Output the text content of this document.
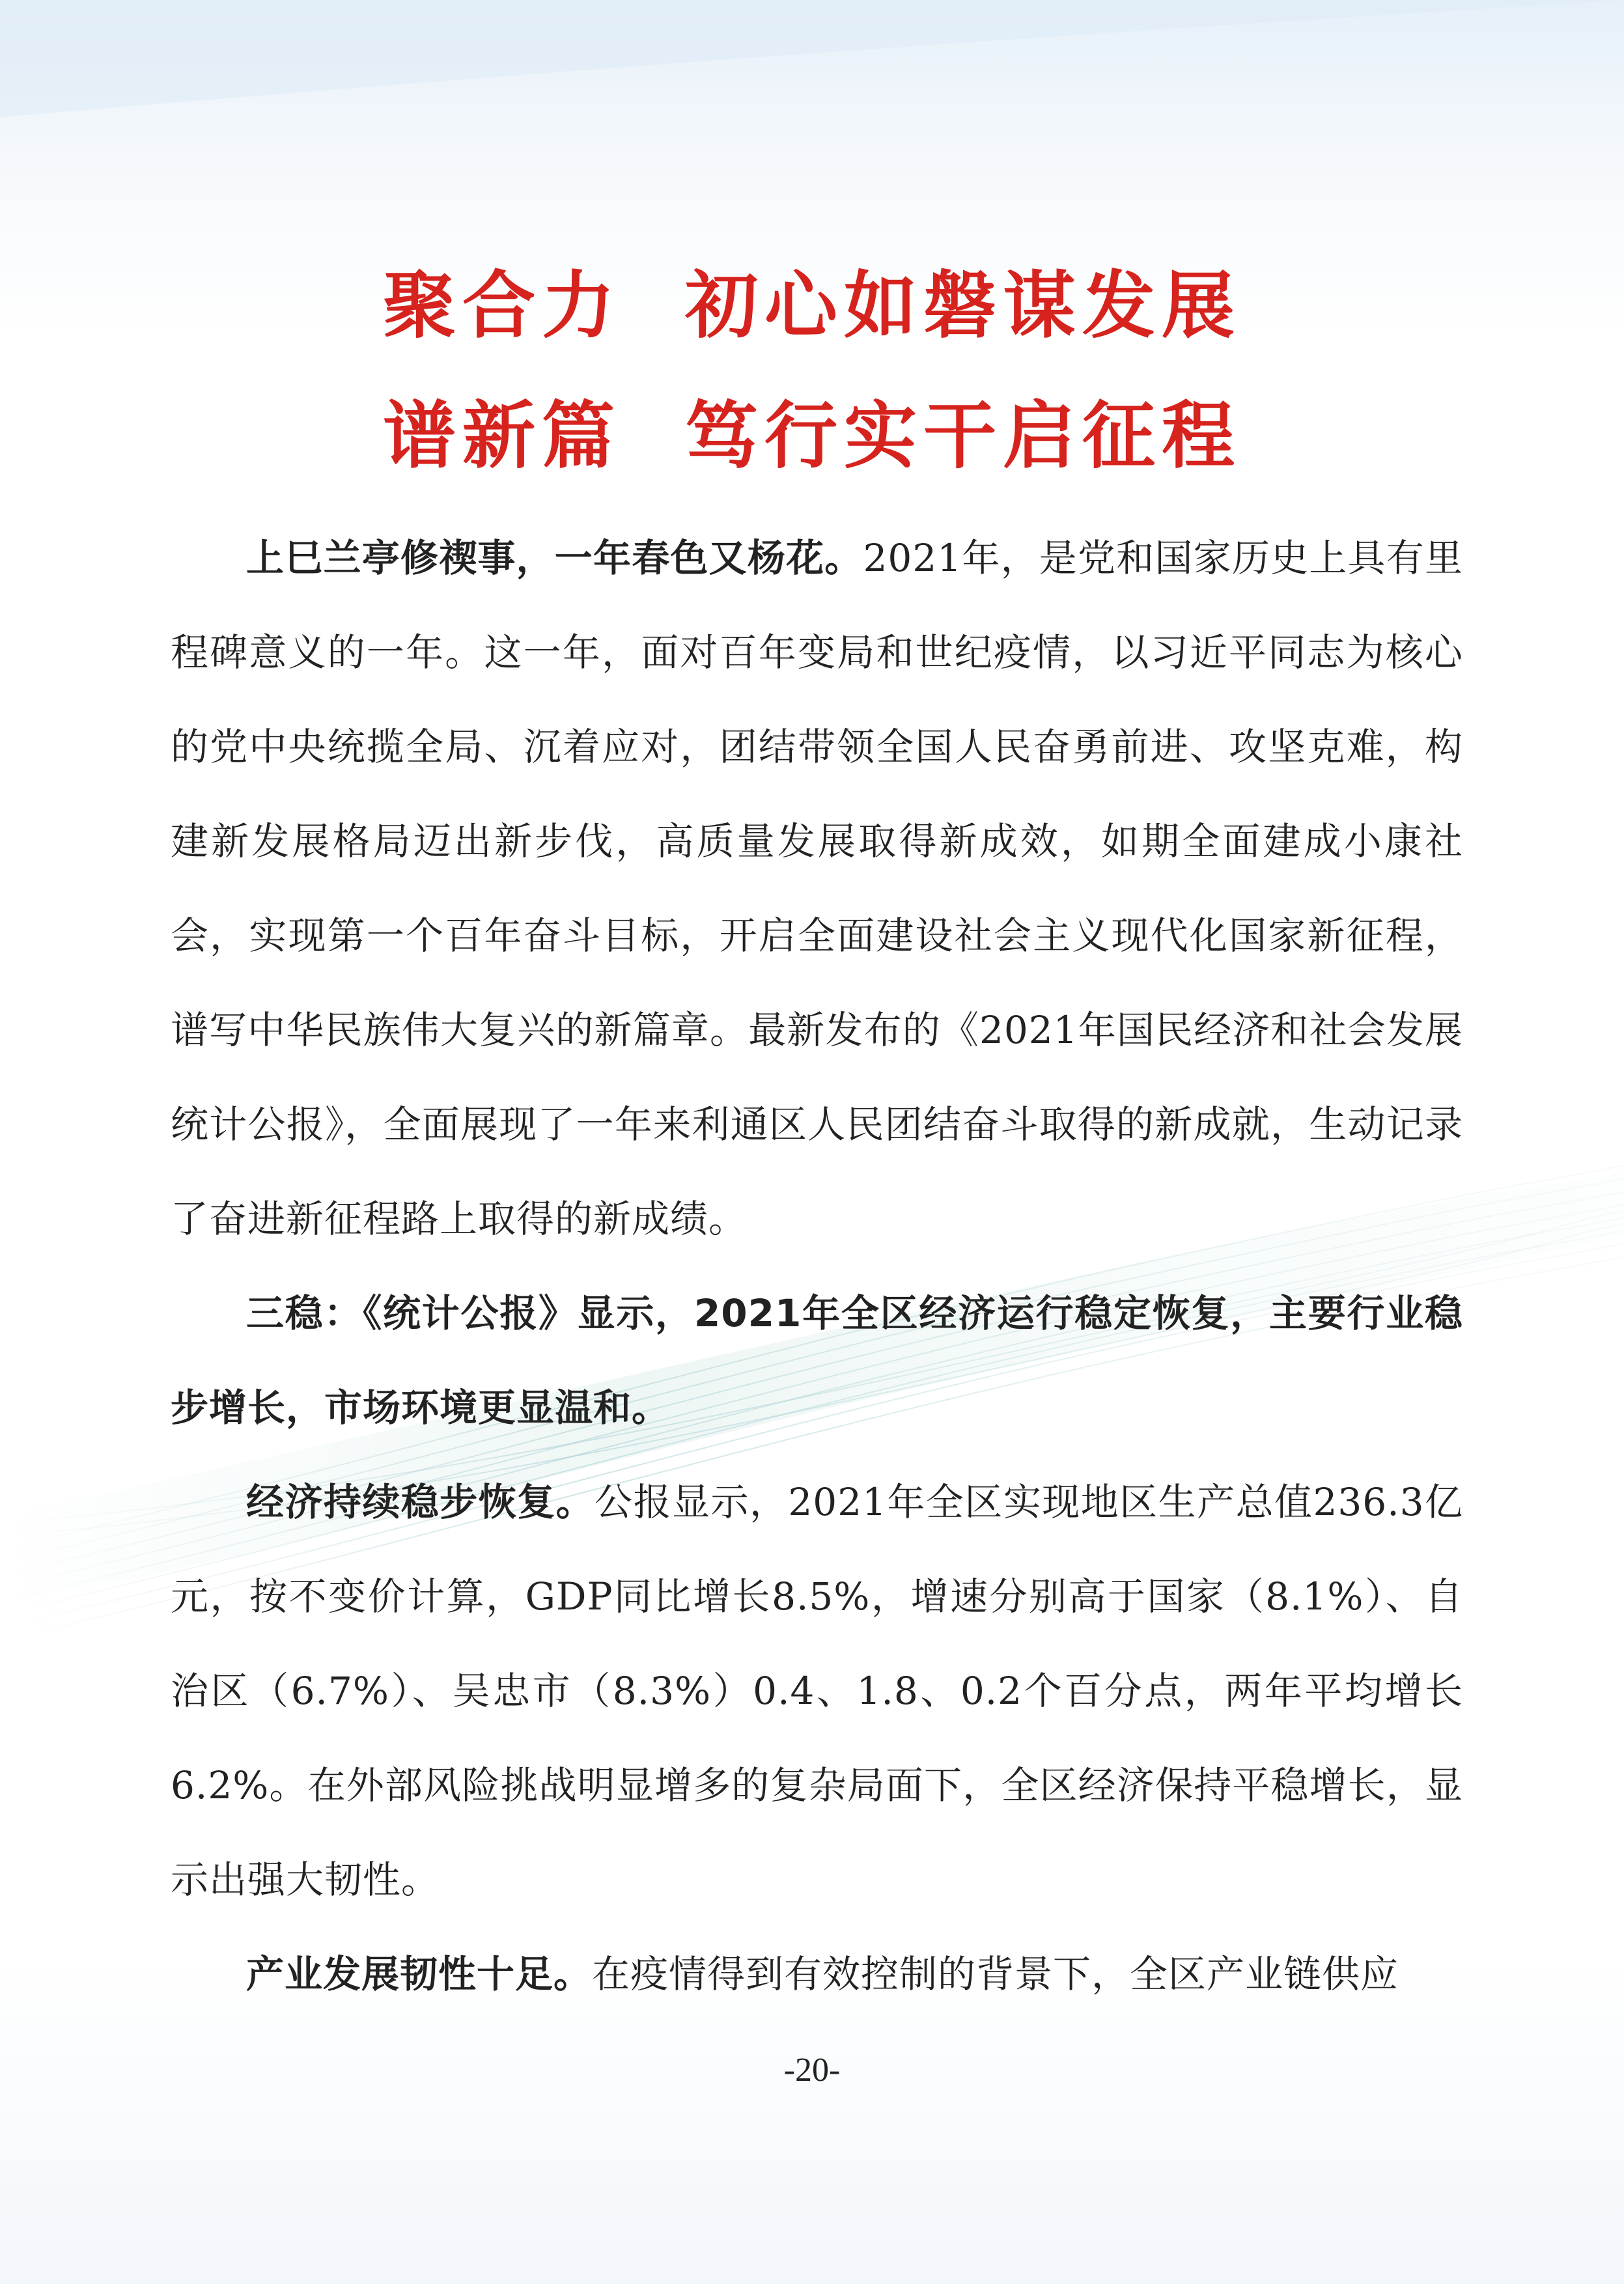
聚合力  初心如磐谋发展
谱新篇  笃行实干启征程

上巳兰亭修禊事，一年春色又杨花。2021年，是党和国家历史上具有里程碑意义的一年。这一年，面对百年变局和世纪疫情，以习近平同志为核心的党中央统揽全局、沉着应对，团结带领全国人民奋勇前进、攻坚克难，构建新发展格局迈出新步伐，高质量发展取得新成效，如期全面建成小康社会，实现第一个百年奋斗目标，开启全面建设社会主义现代化国家新征程，谱写中华民族伟大复兴的新篇章。最新发布的《2021年国民经济和社会发展统计公报》，全面展现了一年来利通区人民团结奋斗取得的新成就，生动记录了奋进新征程路上取得的新成绩。

三稳：《统计公报》显示，2021年全区经济运行稳定恢复，主要行业稳步增长，市场环境更显温和。

经济持续稳步恢复。公报显示，2021年全区实现地区生产总值236.3亿元，按不变价计算，GDP同比增长8.5%，增速分别高于国家（8.1%）、自治区（6.7%）、吴忠市（8.3%）0.4、1.8、0.2个百分点，两年平均增长6.2%。在外部风险挑战明显增多的复杂局面下，全区经济保持平稳增长，显示出强大韧性。

产业发展韧性十足。在疫情得到有效控制的背景下，全区产业链供应

-20-
